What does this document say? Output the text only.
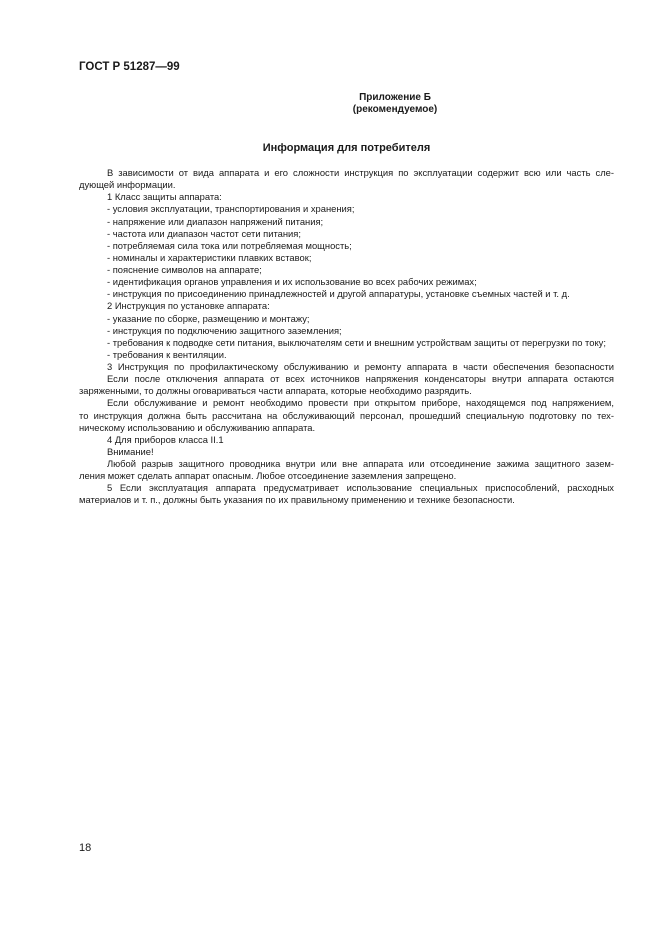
ГОСТ Р 51287—99
Приложение Б
(рекомендуемое)
Информация для потребителя
В зависимости от вида аппарата и его сложности инструкция по эксплуатации содержит всю или часть сле-
дующей информации.
1 Класс защиты аппарата:
- условия эксплуатации, транспортирования и хранения;
- напряжение или диапазон напряжений питания;
- частота или диапазон частот сети питания;
- потребляемая сила тока или потребляемая мощность;
- номиналы и характеристики плавких вставок;
- пояснение символов на аппарате;
- идентификация органов управления и их использование во всех рабочих режимах;
- инструкция по присоединению принадлежностей и другой аппаратуры, установке съемных частей и т. д.
2 Инструкция по установке аппарата:
- указание по сборке, размещению и монтажу;
- инструкция по подключению защитного заземления;
- требования к подводке сети питания, выключателям сети и внешним устройствам защиты от перегрузки по току;
- требования к вентиляции.
3 Инструкция по профилактическому обслуживанию и ремонту аппарата в части обеспечения безопасности
Если после отключения аппарата от всех источников напряжения конденсаторы внутри аппарата остаются
заряженными, то должны оговариваться части аппарата, которые необходимо разрядить.
Если обслуживание и ремонт необходимо провести при открытом приборе, находящемся под напряжением,
то инструкция должна быть рассчитана на обслуживающий персонал, прошедший специальную подготовку по тех-
ническому использованию и обслуживанию аппарата.
4 Для приборов класса II.1
Внимание!
Любой разрыв защитного проводника внутри или вне аппарата или отсоединение зажима защитного зазем-
ления может сделать аппарат опасным. Любое отсоединение заземления запрещено.
5 Если эксплуатация аппарата предусматривает использование специальных приспособлений, расходных
материалов и т. п., должны быть указания по их правильному применению и технике безопасности.
18
